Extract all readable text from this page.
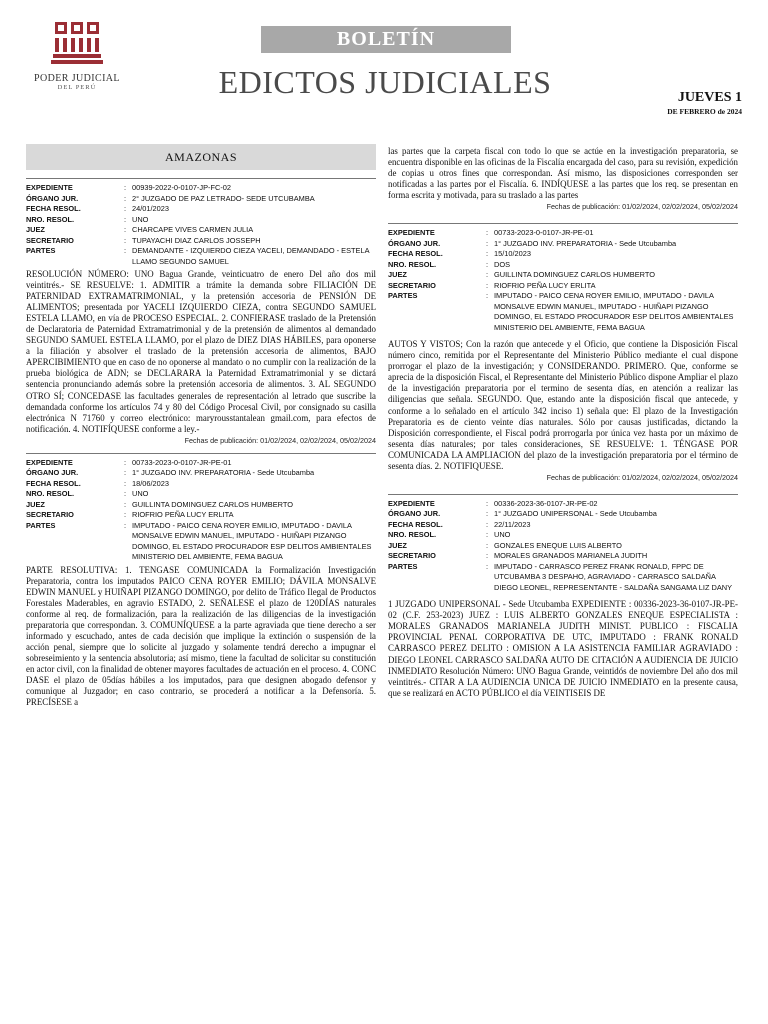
PODER JUDICIAL
DEL PERÚ
BOLETÍN
EDICTOS JUDICIALES	JUEVES 1
DE FEBRERO de 2024
AMAZONAS
EXPEDIENTE	: 00939-2022-0-0107-JP-FC-02
ÓRGANO JUR.	: 2° JUZGADO DE PAZ LETRADO- SEDE UTCUBAMBA
FECHA RESOL.	: 24/01/2023
NRO. RESOL.	: UNO
JUEZ	: CHARCAPE VIVES CARMEN JULIA
SECRETARIO	: TUPAYACHI DIAZ CARLOS JOSSEPH
PARTES	: DEMANDANTE - IZQUIERDO CIEZA YACELI, DEMANDADO - ESTELA LLAMO SEGUNDO SAMUEL
RESOLUCIÓN NÚMERO: UNO Bagua Grande, veinticuatro de enero Del año dos mil veintitrés.- SE RESUELVE: 1. ADMITIR a trámite la demanda sobre FILIACIÓN DE PATERNIDAD EXTRAMATRIMONIAL, y la pretensión accesoria de PENSIÓN DE ALIMENTOS; presentada por YACELI IZQUIERDO CIEZA, contra SEGUNDO SAMUEL ESTELA LLAMO, en vía de PROCESO ESPECIAL. 2. CONFIERASE traslado de la Pretensión de Declaratoria de Paternidad Extramatrimonial y de la pretensión de alimentos al demandado SEGUNDO SAMUEL ESTELA LLAMO, por el plazo de DIEZ DIAS HÁBILES, para oponerse a la filiación y absolver el traslado de la pretensión accesoria de alimentos, BAJO APERCIBIMIENTO que en caso de no oponerse al mandato o no cumplir con la realización de la prueba biológica de ADN; se DECLARARA la Paternidad Extramatrimonial y se dictará sentencia pronunciando además sobre la pretensión accesoria de alimentos. 3. AL SEGUNDO OTRO SÍ; CONCEDASE las facultades generales de representación al letrado que suscribe la demandada conforme los artículos 74 y 80 del Código Procesal Civil, por consignado su casilla electrónica N 71760 y correo electrónico: maryrousstantalean gmail.com, para efectos de notificación. 4. NOTIFÍQUESE conforme a ley.-
Fechas de publicación: 01/02/2024, 02/02/2024, 05/02/2024
EXPEDIENTE	: 00733-2023-0-0107-JR-PE-01
ÓRGANO JUR.	: 1° JUZGADO INV. PREPARATORIA - Sede Utcubamba
FECHA RESOL.	: 18/06/2023
NRO. RESOL.	: UNO
JUEZ	: GUILLINTA DOMINGUEZ CARLOS HUMBERTO
SECRETARIO	: RIOFRIO PEÑA LUCY ERLITA
PARTES	: IMPUTADO - PAICO CENA ROYER EMILIO, IMPUTADO - DAVILA MONSALVE EDWIN MANUEL, IMPUTADO - HUIÑAPI PIZANGO DOMINGO, EL ESTADO PROCURADOR ESP DELITOS AMBIENTALES MINISTERIO DEL AMBIENTE, FEMA BAGUA
PARTE RESOLUTIVA: 1. TENGASE COMUNICADA la Formalización Investigación Preparatoria, contra los imputados PAICO CENA ROYER EMILIO; DÁVILA MONSALVE EDWIN MANUEL y HUIÑAPI PIZANGO DOMINGO, por delito de Tráfico Ilegal de Productos Forestales Maderables, en agravio ESTADO, 2. SEÑALESE el plazo de 120DÍAS naturales conforme al req. de formalización, para la realización de las diligencias de la investigación preparatoria que correspondan. 3. COMUNÍQUESE a la parte agraviada que tiene derecho a ser informado y escuchado, antes de cada decisión que implique la extinción o suspensión de la acción penal, siempre que lo solicite al juzgado y solamente tendrá derecho a impugnar el sobreseimiento y la sentencia absolutoria; así mismo, tiene la facultad de solicitar su constitución en actor civil, con la finalidad de obtener mayores facultades de actuación en el proceso. 4. CONC DASE el plazo de 05días hábiles a los imputados, para que designen abogado defensor y comunique al Juzgador; en caso contrario, se procederá a notificar a la Defensoría. 5. PRECÍSESE a
las partes que la carpeta fiscal con todo lo que se actúe en la investigación preparatoria, se encuentra disponible en las oficinas de la Fiscalía encargada del caso, para su revisión, expedición de copias u otros fines que correspondan. Así mismo, las disposiciones corresponden ser notificadas a las partes por el Fiscalía. 6. INDÍQUESE a las partes que los req. se presentan en forma escrita y motivada, para su traslado a las partes
Fechas de publicación: 01/02/2024, 02/02/2024, 05/02/2024
EXPEDIENTE	: 00733-2023-0-0107-JR-PE-01
ÓRGANO JUR.	: 1° JUZGADO INV. PREPARATORIA - Sede Utcubamba
FECHA RESOL.	: 15/10/2023
NRO. RESOL.	: DOS
JUEZ	: GUILLINTA DOMINGUEZ CARLOS HUMBERTO
SECRETARIO	: RIOFRIO PEÑA LUCY ERLITA
PARTES	: IMPUTADO - PAICO CENA ROYER EMILIO, IMPUTADO - DAVILA MONSALVE EDWIN MANUEL, IMPUTADO - HUIÑAPI PIZANGO DOMINGO, EL ESTADO PROCURADOR ESP DELITOS AMBIENTALES MINISTERIO DEL AMBIENTE, FEMA BAGUA
AUTOS Y VISTOS; Con la razón que antecede y el Oficio, que contiene la Disposición Fiscal número cinco, remitida por el Representante del Ministerio Público mediante el cual dispone prorrogar el plazo de la investigación; y CONSIDERANDO. PRIMERO. Que, conforme se aprecia de la disposición Fiscal, el Representante del Ministerio Público dispone Ampliar el plazo de la investigación preparatoria por el termino de sesenta días, en atención a realizar las diligencias que señala. SEGUNDO. Que, estando ante la disposición fiscal que antecede, y conforme a lo señalado en el artículo 342 inciso 1) señala que: El plazo de la Investigación Preparatoria es de ciento veinte días naturales. Sólo por causas justificadas, dictando la Disposición correspondiente, el Fiscal podrá prorrogarla por única vez hasta por un máximo de sesenta días naturales; por tales consideraciones, SE RESUELVE: 1. TÉNGASE POR COMUNICADA LA AMPLIACION del plazo de la investigación preparatoria por el término de sesenta días. 2. NOTIFIQUESE.
Fechas de publicación: 01/02/2024, 02/02/2024, 05/02/2024
EXPEDIENTE	: 00336-2023-36-0107-JR-PE-02
ÓRGANO JUR.	: 1° JUZGADO UNIPERSONAL - Sede Utcubamba
FECHA RESOL.	: 22/11/2023
NRO. RESOL.	: UNO
JUEZ	: GONZALES ENEQUE LUIS ALBERTO
SECRETARIO	: MORALES GRANADOS MARIANELA JUDITH
PARTES	: IMPUTADO - CARRASCO PEREZ FRANK RONALD, FPPC DE UTCUBAMBA 3 DESPAHO, AGRAVIADO - CARRASCO SALDAÑA DIEGO LEONEL, REPRESENTANTE - SALDAÑA SANGAMA LIZ DANY
1 JUZGADO UNIPERSONAL - Sede Utcubamba EXPEDIENTE : 00336-2023-36-0107-JR-PE-02 (C.F. 253-2023) JUEZ : LUIS ALBERTO GONZALES ENEQUE ESPECIALISTA : MORALES GRANADOS MARIANELA JUDITH MINIST. PUBLICO : FISCALIA PROVINCIAL PENAL CORPORATIVA DE UTC, IMPUTADO : FRANK RONALD CARRASCO PEREZ DELITO : OMISION A LA ASISTENCIA FAMILIAR AGRAVIADO : DIEGO LEONEL CARRASCO SALDAÑA AUTO DE CITACIÓN A AUDIENCIA DE JUICIO INMEDIATO Resolución Número: UNO Bagua Grande, veintidós de noviembre Del año dos mil veintitrés.- CITAR A LA AUDIENCIA UNICA DE JUICIO INMEDIATO en la presente causa, que se realizará en ACTO PÚBLICO el día VEINTISEIS DE
